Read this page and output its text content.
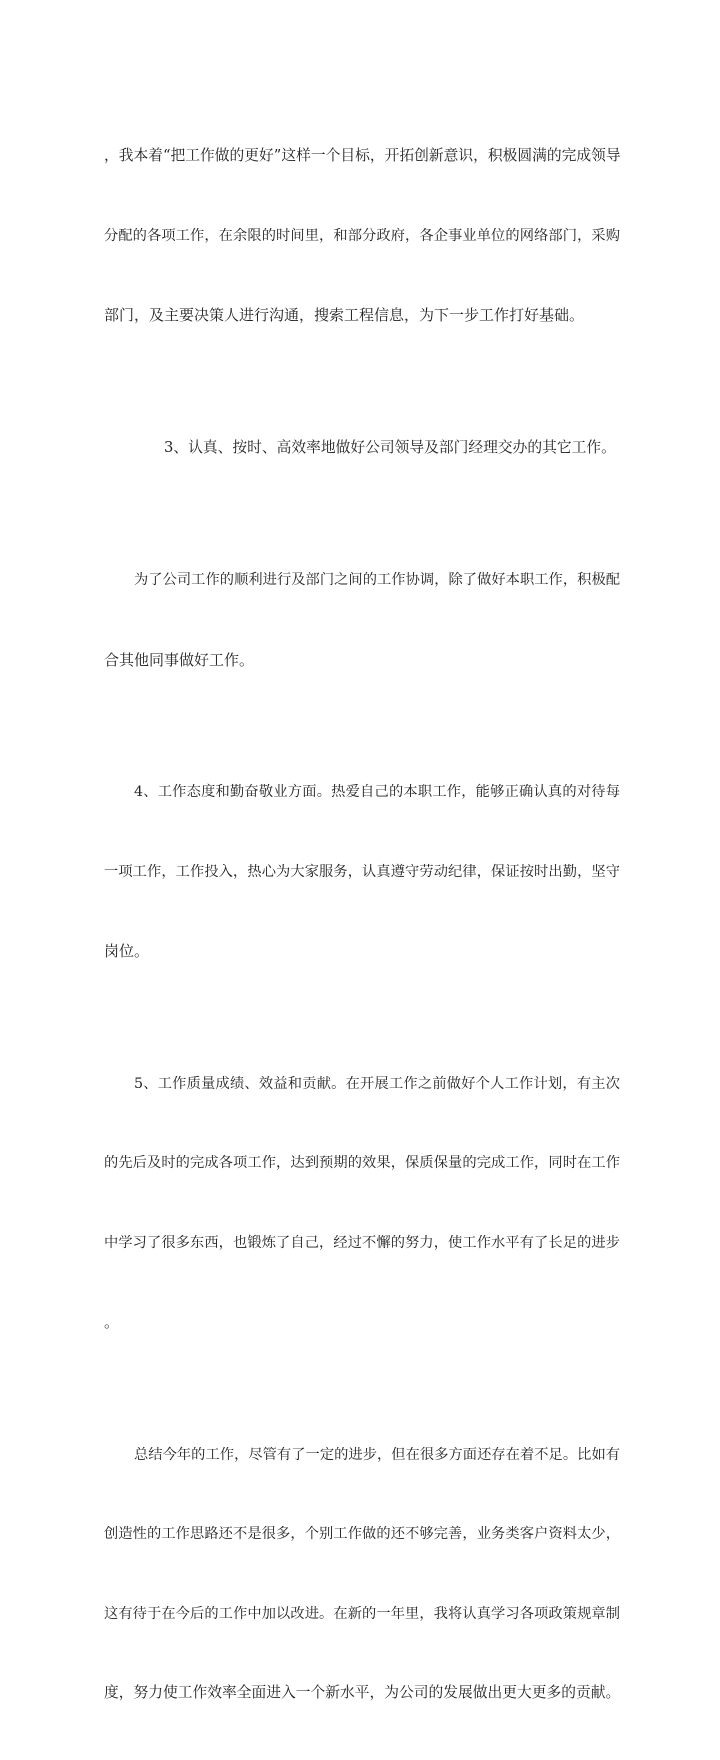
，我本着“把工作做的更好”这样一个目标，开拓创新意识，积极圆满的完成领导

分配的各项工作，在余限的时间里，和部分政府，各企事业单位的网络部门，采购

部门，及主要决策人进行沟通，搜索工程信息，为下一步工作打好基础。

3、认真、按时、高效率地做好公司领导及部门经理交办的其它工作。

为了公司工作的顺利进行及部门之间的工作协调，除了做好本职工作，积极配

合其他同事做好工作。

4、工作态度和勤奋敬业方面。热爱自己的本职工作，能够正确认真的对待每

一项工作，工作投入，热心为大家服务，认真遵守劳动纪律，保证按时出勤，坚守

岗位。

5、工作质量成绩、效益和贡献。在开展工作之前做好个人工作计划，有主次

的先后及时的完成各项工作，达到预期的效果，保质保量的完成工作，同时在工作

中学习了很多东西，也锻炼了自己，经过不懈的努力，使工作水平有了长足的进步

。

总结今年的工作，尽管有了一定的进步，但在很多方面还存在着不足。比如有

创造性的工作思路还不是很多，个别工作做的还不够完善，业务类客户资料太少，

这有待于在今后的工作中加以改进。在新的一年里，我将认真学习各项政策规章制

度，努力使工作效率全面进入一个新水平，为公司的发展做出更大更多的贡献。
